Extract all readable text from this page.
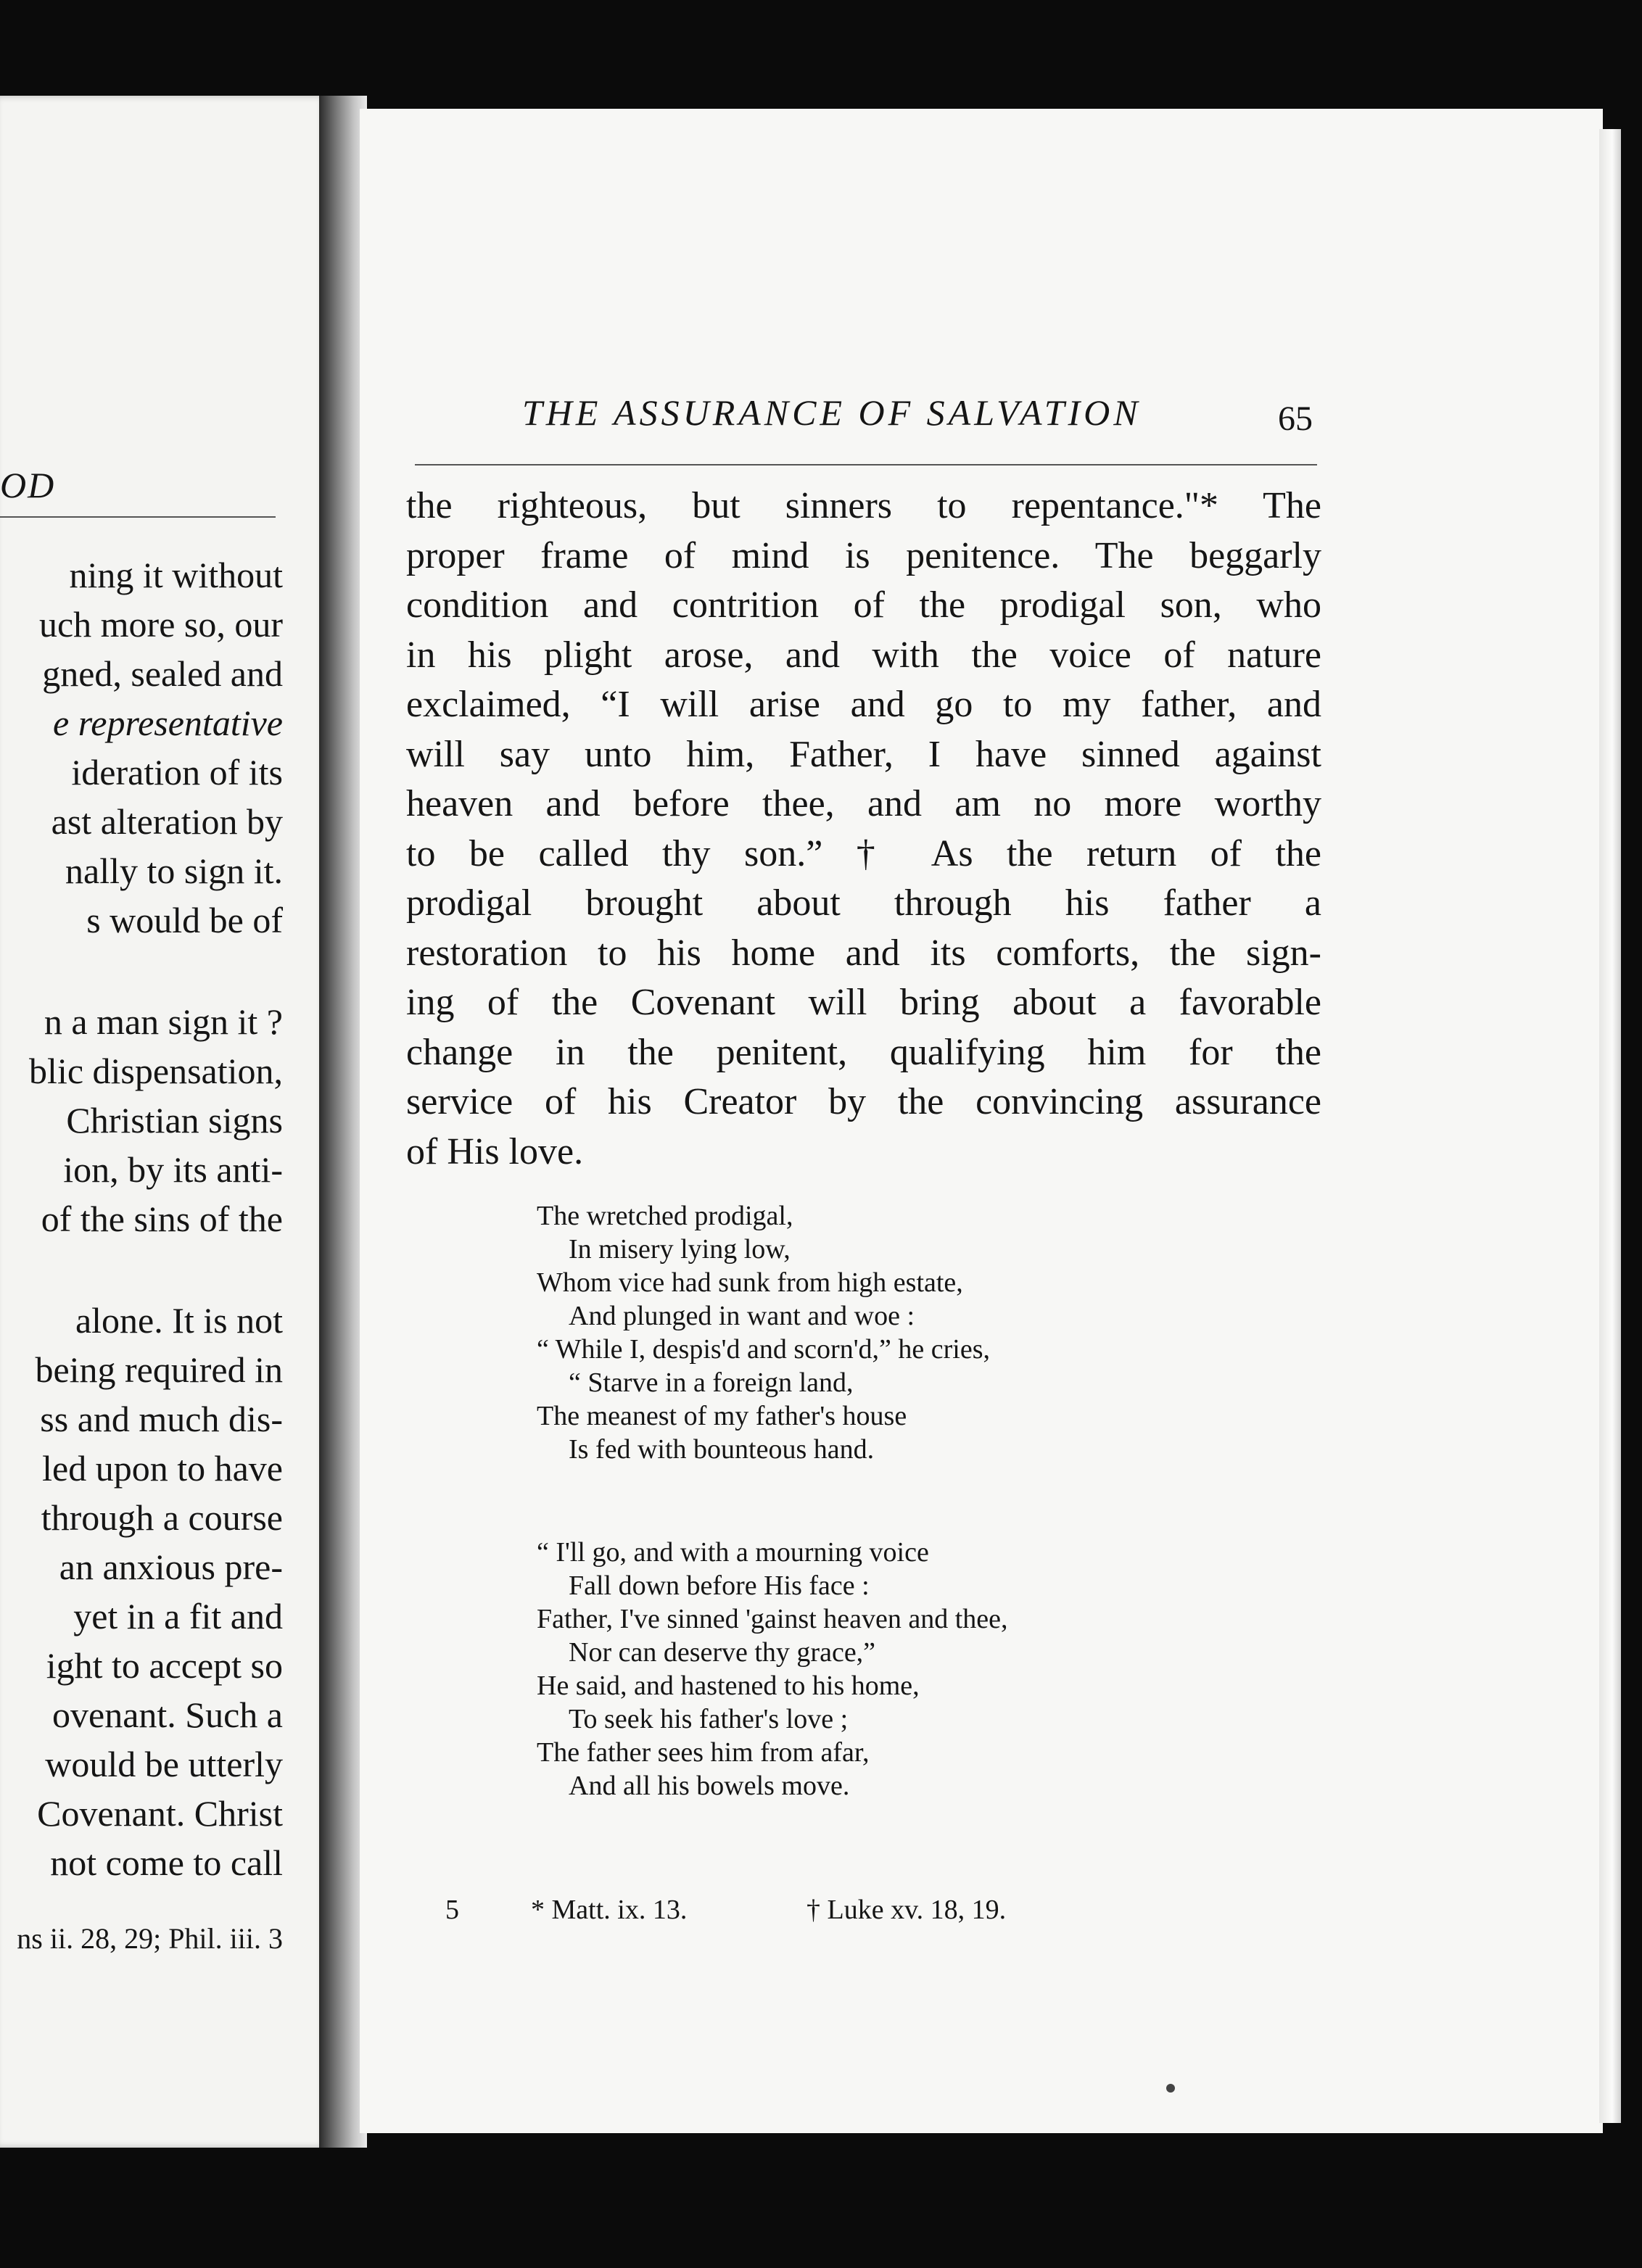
OD
ning it without
uch more so, our
gned, sealed and
e representative
ideration of its
ast alteration by
nally to sign it.
s would be of
n a man sign it ?
blic dispensation,
Christian signs
ion, by its anti-
of the sins of the
alone. It is not
being required in
ss and much dis-
led upon to have
through a course
an anxious pre-
yet in a fit and
ight to accept so
ovenant. Such a
would be utterly
Covenant. Christ
not come to call
ns ii. 28, 29; Phil. iii. 3
THE ASSURANCE OF SALVATION	65
the righteous, but sinners to repentance."* The
proper frame of mind is penitence. The beggarly
condition and contrition of the prodigal son, who
in his plight arose, and with the voice of nature
exclaimed, “I will arise and go to my father, and
will say unto him, Father, I have sinned against
heaven and before thee, and am no more worthy
to be called thy son.” † As the return of the
prodigal brought about through his father a
restoration to his home and its comforts, the sign-
ing of the Covenant will bring about a favorable
change in the penitent, qualifying him for the
service of his Creator by the convincing assurance
of His love.
The wretched prodigal,
In misery lying low,
Whom vice had sunk from high estate,
And plunged in want and woe :
“ While I, despis'd and scorn'd,” he cries,
“ Starve in a foreign land,
The meanest of my father's house
Is fed with bounteous hand.
“ I'll go, and with a mourning voice
Fall down before His face :
Father, I've sinned 'gainst heaven and thee,
Nor can deserve thy grace,”
He said, and hastened to his home,
To seek his father's love ;
The father sees him from afar,
And all his bowels move.
5	* Matt. ix. 13.	† Luke xv. 18, 19.
